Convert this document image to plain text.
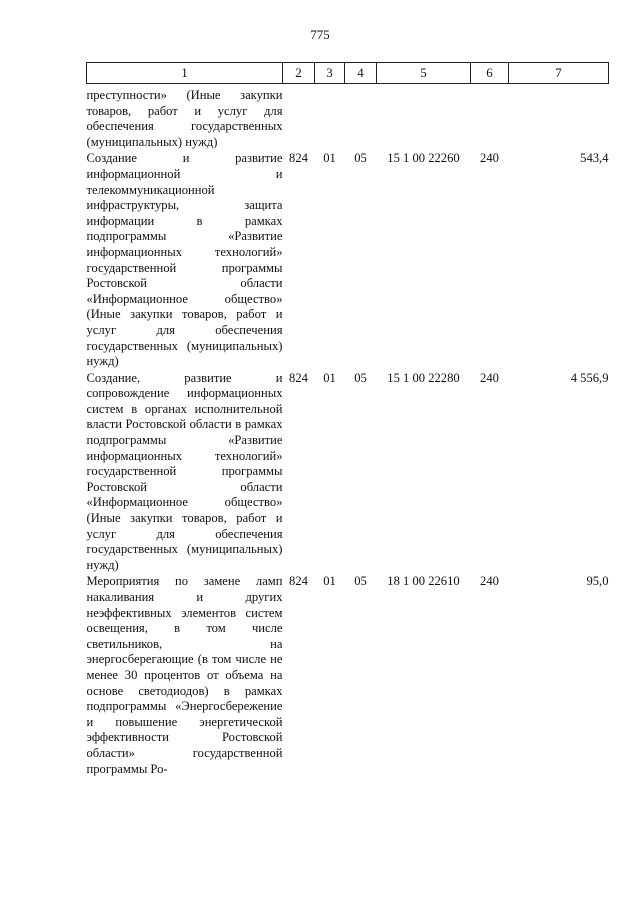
775
1	2	3	4	5	6	7
преступности» (Иные закупки товаров, работ и услуг для обеспечения государственных (муниципальных) нужд)						
Создание и развитие информационной и телекоммуникационной инфраструктуры, защита информации в рамках подпрограммы «Развитие информационных технологий» государственной программы Ростовской области «Информационное общество» (Иные закупки товаров, работ и услуг для обеспечения государственных (муниципальных) нужд)	824	01	05	15 1 00 22260	240	543,4
Создание, развитие и сопровождение информационных систем в органах исполнительной власти Ростовской области в рамках подпрограммы «Развитие информационных технологий» государственной программы Ростовской области «Информационное общество» (Иные закупки товаров, работ и услуг для обеспечения государственных (муниципальных) нужд)	824	01	05	15 1 00 22280	240	4 556,9
Мероприятия по замене ламп накаливания и других неэффективных элементов систем освещения, в том числе светильников, на энергосберегающие (в том числе не менее 30 процентов от объема на основе светодиодов) в рамках подпрограммы «Энергосбережение и повышение энергетической эффективности Ростовской области» государственной программы Ро-	824	01	05	18 1 00 22610	240	95,0
